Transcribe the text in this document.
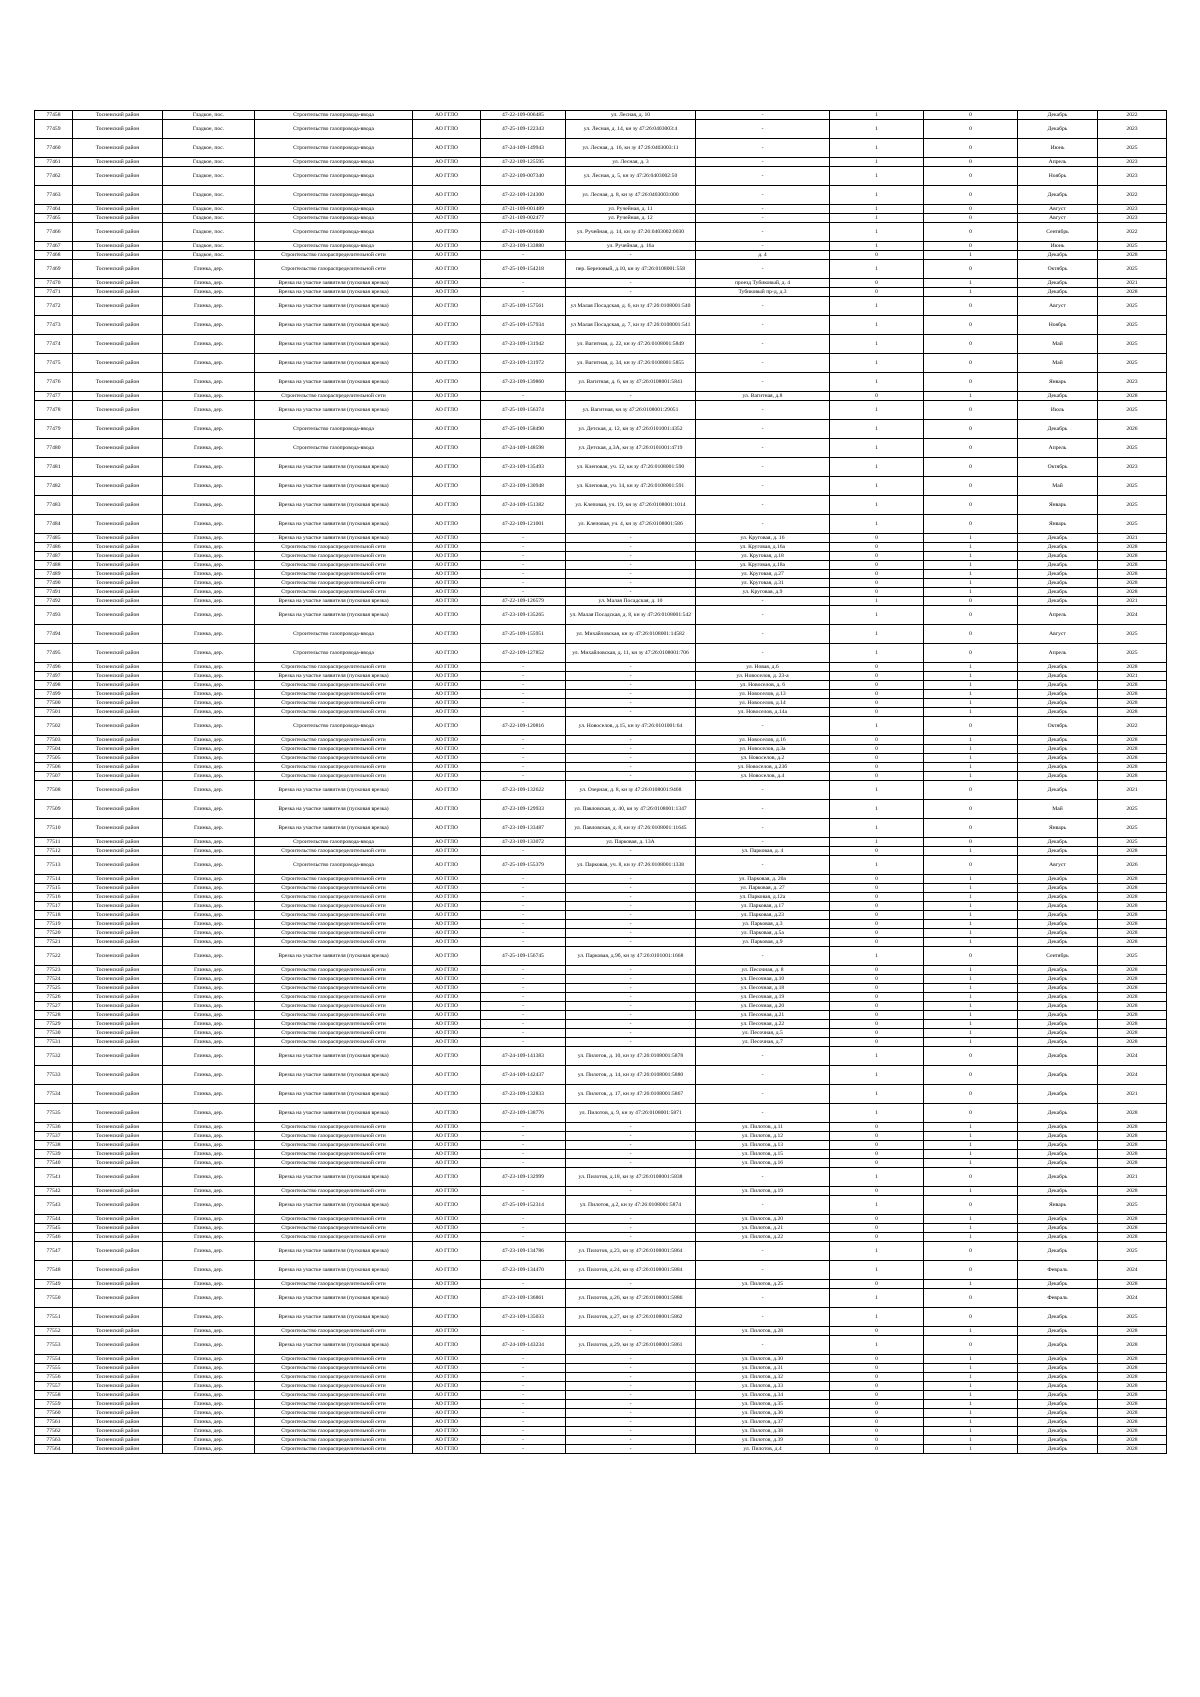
77458	Тосненский район	Гладкое, пос.	Строительство газопровода-ввода	АО ГГЛО	47-22-109-006485	ул. Лесная, д. 10	-	1	0	Декабрь	2022
77459	Тосненский район	Гладкое, пос.	Строительство газопровода-ввода	АО ГГЛО	47-25-109-122343	ул. Лесная, д. 14, кн зу 47:26:0403003:4	-	1	0	Декабрь	2023
77460	Тосненский район	Гладкое, пос.	Строительство газопровода-ввода	АО ГГЛО	47-24-109-149943	ул. Лесная, д. 16, кн зу 47:26:0403003:11	-	1	0	Июнь	2025
77461	Тосненский район	Гладкое, пос.	Строительство газопровода-ввода	АО ГГЛО	47-22-109-125595	ул. Лесная, д. 3	-	1	0	Апрель	2023
77462	Тосненский район	Гладкое, пос.	Строительство газопровода-ввода	АО ГГЛО	47-22-109-007340	ул. Лесная, д. 5, кн зу 47:26:0403002:50	-	1	0	Ноябрь	2023
77463	Тосненский район	Гладкое, пос.	Строительство газопровода-ввода	АО ГГЛО	47-22-109-124300	ул. Лесная, д. 8, кн зу 47:26:0403003:000	-	1	0	Декабрь	2022
77464	Тосненский район	Гладкое, пос.	Строительство газопровода-ввода	АО ГГЛО	47-21-109-001489	ул. Ручейная, д. 11	-	1	0	Август	2023
77465	Тосненский район	Гладкое, пос.	Строительство газопровода-ввода	АО ГГЛО	47-21-109-002477	ул. Ручейная, д. 12	-	1	0	Август	2023
77466	Тосненский район	Гладкое, пос.	Строительство газопровода-ввода	АО ГГЛО	47-21-109-001040	ул. Ручейная, д. 14, кн зу 47:26:0403002:0030	-	1	0	Сентябрь	2022
77467	Тосненский район	Гладкое, пос.	Строительство газопровода-ввода	АО ГГЛО	47-23-109-133880	ул. Ручейная, д. 16а	-	1	0	Июнь	2025
77468	Тосненский район	Гладкое, пос.	Строительство газораспределительной сети	АО ГГЛО	-	-	д. 4	0	1	Декабрь	2028
77469	Тосненский район	Глинка, дер.	Строительство газораспределительной сети	АО ГГЛО	47-25-109-154218	пер. Березовый, д.10, кн зу 47:26:0108001:558	-	1	0	Октябрь	2025
77470	Тосненский район	Глинка, дер.	Врезка на участке заявителя (пусковая врезка)	АО ГГЛО	-	-	проезд Тубиковый, д. 4	0	1	Декабрь	2021
77471	Тосненский район	Глинка, дер.	Врезка на участке заявителя (пусковая врезка)	АО ГГЛО	-	-	Тубиковый пр-д, д.3	0	1	Декабрь	2028
77472	Тосненский район	Глинка, дер.	Врезка на участке заявителя (пусковая врезка)	АО ГГЛО	47-25-109-157561	ул Малая Посадская, д. 6, кн зу 47:26:0108001:540	-	1	0	Август	2025
77473	Тосненский район	Глинка, дер.	Врезка на участке заявителя (пусковая врезка)	АО ГГЛО	47-25-109-157934	ул Малая Посадская, д. 7, кн зу 47:26:0108001:541	-	1	0	Ноябрь	2025
77474	Тосненский район	Глинка, дер.	Врезка на участке заявителя (пусковая врезка)	АО ГГЛО	47-23-109-131942	ул. Вагитная, д. 22, кн зу 47:26:0108001:5849	-	1	0	Май	2025
77475	Тосненский район	Глинка, дер.	Врезка на участке заявителя (пусковая врезка)	АО ГГЛО	47-23-109-131972	ул. Вагитная, д. 34, кн зу 47:26:0108001:5855	-	1	0	Май	2025
77476	Тосненский район	Глинка, дер.	Врезка на участке заявителя (пусковая врезка)	АО ГГЛО	47-23-109-139860	ул. Вагитная, д. 6, кн зу 47:26:0108001:5841	-	1	0	Январь	2023
77477	Тосненский район	Глинка, дер.	Строительство газораспределительной сети	АО ГГЛО	-	-	ул. Вагитная, д.8	0	1	Декабрь	2028
77478	Тосненский район	Глинка, дер.	Врезка на участке заявителя (пусковая врезка)	АО ГГЛО	47-25-109-156374	ул. Вагитная, кн зу 47:26:0108001:29051	-	1	0	Июль	2025
77479	Тосненский район	Глинка, дер.	Строительство газопровода-ввода	АО ГГЛО	47-25-109-158490	ул. Детская, д. 12, кн зу 47:26:0101001:4352	-	1	0	Декабрь	2026
77480	Тосненский район	Глинка, дер.	Строительство газопровода-ввода	АО ГГЛО	47-24-109-148598	ул. Детская, д.3А, кн зу 47:26:0101001:4719	-	1	0	Апрель	2025
77481	Тосненский район	Глинка, дер.	Врезка на участке заявителя (пусковая врезка)	АО ГГЛО	47-23-109-135493	ул. Клеповая, уч. 12, кн зу 47:26:0108001:590	-	1	0	Октябрь	2023
77482	Тосненский район	Глинка, дер.	Врезка на участке заявителя (пусковая врезка)	АО ГГЛО	47-23-109-130948	ул. Клеповая, уч. 14, кн зу 47:26:0108001:591	-	1	0	Май	2025
77483	Тосненский район	Глинка, дер.	Врезка на участке заявителя (пусковая врезка)	АО ГГЛО	47-24-109-151382	ул. Клеповая, уч. 19, кн зу 47:26:0108001:1014	-	1	0	Январь	2025
77484	Тосненский район	Глинка, дер.	Врезка на участке заявителя (пусковая врезка)	АО ГГЛО	47-22-109-121001	ул. Клеповая, уч. 4, кн зу 47:26:0108001:586	-	1	0	Январь	2025
77485	Тосненский район	Глинка, дер.	Врезка на участке заявителя (пусковая врезка)	АО ГГЛО	-	-	ул. Круговая, д. 16	0	1	Декабрь	2021
77486	Тосненский район	Глинка, дер.	Строительство газораспределительной сети	АО ГГЛО	-	-	ул. Круговая, д.16а	0	1	Декабрь	2028
77487	Тосненский район	Глинка, дер.	Строительство газораспределительной сети	АО ГГЛО	-	-	ул. Круговая, д.18	0	1	Декабрь	2028
77488	Тосненский район	Глинка, дер.	Строительство газораспределительной сети	АО ГГЛО	-	-	ул. Круговая, д.18а	0	1	Декабрь	2028
77489	Тосненский район	Глинка, дер.	Строительство газораспределительной сети	АО ГГЛО	-	-	ул. Круговая, д.27	0	1	Декабрь	2028
77490	Тосненский район	Глинка, дер.	Строительство газораспределительной сети	АО ГГЛО	-	-	ул. Круговая, д.31	0	1	Декабрь	2028
77491	Тосненский район	Глинка, дер.	Строительство газораспределительной сети	АО ГГЛО	-	-	ул. Круговая, д.9	0	1	Декабрь	2028
77492	Тосненский район	Глинка, дер.	Врезка на участке заявителя (пусковая врезка)	АО ГГЛО	47-22-109-126579	ул. Малая Посадская, д. 10	-	1	0	Декабрь	2021
77493	Тосненский район	Глинка, дер.	Врезка на участке заявителя (пусковая врезка)	АО ГГЛО	47-23-109-135265	ул. Малая Посадская, д. 8, кн зу 47:26:0108001:542	-	1	0	Апрель	2024
77494	Тосненский район	Глинка, дер.	Строительство газопровода-ввода	АО ГГЛО	47-25-109-155951	ул. Михайловская, кн зу 47:26:0108001:14582	-	1	0	Август	2025
77495	Тосненский район	Глинка, дер.	Строительство газопровода-ввода	АО ГГЛО	47-22-109-127852	ул. Михайловская, д. 11, кн зу 47:26:0108001:706	-	1	0	Апрель	2025
77496	Тосненский район	Глинка, дер.	Строительство газораспределительной сети	АО ГГЛО	-	-	ул. Новая, д.6	0	1	Декабрь	2028
77497	Тосненский район	Глинка, дер.	Врезка на участке заявителя (пусковая врезка)	АО ГГЛО	-	-	ул. Новоселов, д. 23-а	0	1	Декабрь	2021
77498	Тосненский район	Глинка, дер.	Строительство газораспределительной сети	АО ГГЛО	-	-	ул. Новоселов, д. 6	0	1	Декабрь	2028
77499	Тосненский район	Глинка, дер.	Строительство газораспределительной сети	АО ГГЛО	-	-	ул. Новоселов, д.13	0	1	Декабрь	2028
77500	Тосненский район	Глинка, дер.	Строительство газораспределительной сети	АО ГГЛО	-	-	ул. Новоселов, д.14	0	1	Декабрь	2028
77501	Тосненский район	Глинка, дер.	Строительство газораспределительной сети	АО ГГЛО	-	-	ул. Новоселов, д.14а	0	1	Декабрь	2028
77502	Тосненский район	Глинка, дер.	Строительство газопровода-ввода	АО ГГЛО	47-22-109-120816	ул. Новоселов, д.15, кн зу 47:26:0101001:64	-	1	0	Октябрь	2022
77503	Тосненский район	Глинка, дер.	Строительство газораспределительной сети	АО ГГЛО	-	-	ул. Новоселов, д.16	0	1	Декабрь	2028
77504	Тосненский район	Глинка, дер.	Строительство газораспределительной сети	АО ГГЛО	-	-	ул. Новоселов, д.3а	0	1	Декабрь	2028
77505	Тосненский район	Глинка, дер.	Строительство газораспределительной сети	АО ГГЛО	-	-	ул. Новоселов, д.2	0	1	Декабрь	2028
77506	Тосненский район	Глинка, дер.	Строительство газораспределительной сети	АО ГГЛО	-	-	ул. Новоселов, д.23б	0	1	Декабрь	2028
77507	Тосненский район	Глинка, дер.	Строительство газораспределительной сети	АО ГГЛО	-	-	ул. Новоселов, д.4	0	1	Декабрь	2028
77508	Тосненский район	Глинка, дер.	Врезка на участке заявителя (пусковая врезка)	АО ГГЛО	47-23-109-132622	ул. Озерная, д. 8, кн зу 47:26:0108001:9468	-	1	0	Декабрь	2021
77509	Тосненский район	Глинка, дер.	Врезка на участке заявителя (пусковая врезка)	АО ГГЛО	47-23-109-129933	ул. Павловская, д. 40, кн зу 47:26:0108001:1347	-	1	0	Май	2025
77510	Тосненский район	Глинка, дер.	Врезка на участке заявителя (пусковая врезка)	АО ГГЛО	47-23-109-133487	ул. Павловская, д. 8, кн зу 47:26:0108001:11645	-	1	0	Январь	2025
77511	Тосненский район	Глинка, дер.	Строительство газопровода-ввода	АО ГГЛО	47-23-109-133072	ул. Парковая, д. 13А	-	1	0	Декабрь	2025
77512	Тосненский район	Глинка, дер.	Строительство газораспределительной сети	АО ГГЛО	-	-	ул. Парковая, д. 4	0	1	Декабрь	2028
77513	Тосненский район	Глинка, дер.	Строительство газопровода-ввода	АО ГГЛО	47-25-109-155379	ул. Парковая, уч. 8, кн зу 47:26:0108001:1338	-	1	0	Август	2026
77514	Тосненский район	Глинка, дер.	Строительство газораспределительной сети	АО ГГЛО	-	-	ул. Парковая, д. 20а	0	1	Декабрь	2028
77515	Тосненский район	Глинка, дер.	Строительство газораспределительной сети	АО ГГЛО	-	-	ул. Парковая, д. 27	0	1	Декабрь	2028
77516	Тосненский район	Глинка, дер.	Строительство газораспределительной сети	АО ГГЛО	-	-	ул. Парковая, д.12а	0	1	Декабрь	2028
77517	Тосненский район	Глинка, дер.	Строительство газораспределительной сети	АО ГГЛО	-	-	ул. Парковая, д.17	0	1	Декабрь	2028
77518	Тосненский район	Глинка, дер.	Строительство газораспределительной сети	АО ГГЛО	-	-	ул. Парковая, д.23	0	1	Декабрь	2028
77519	Тосненский район	Глинка, дер.	Строительство газораспределительной сети	АО ГГЛО	-	-	ул. Парковая, д.3	0	1	Декабрь	2028
77520	Тосненский район	Глинка, дер.	Строительство газораспределительной сети	АО ГГЛО	-	-	ул. Парковая, д.5а	0	1	Декабрь	2028
77521	Тосненский район	Глинка, дер.	Строительство газораспределительной сети	АО ГГЛО	-	-	ул. Парковая, д.9	0	1	Декабрь	2028
77522	Тосненский район	Глинка, дер.	Врезка на участке заявителя (пусковая врезка)	АО ГГЛО	47-25-109-156745	ул. Парковая, д.9б, кн зу 47:26:0101001:1668	-	1	0	Сентябрь	2025
77523	Тосненский район	Глинка, дер.	Строительство газораспределительной сети	АО ГГЛО	-	-	ул. Песочная, д. 8	0	1	Декабрь	2028
77524	Тосненский район	Глинка, дер.	Строительство газораспределительной сети	АО ГГЛО	-	-	ул. Песочная, д.10	0	1	Декабрь	2028
77525	Тосненский район	Глинка, дер.	Строительство газораспределительной сети	АО ГГЛО	-	-	ул. Песочная, д.18	0	1	Декабрь	2028
77526	Тосненский район	Глинка, дер.	Строительство газораспределительной сети	АО ГГЛО	-	-	ул. Песочная, д.19	0	1	Декабрь	2028
77527	Тосненский район	Глинка, дер.	Строительство газораспределительной сети	АО ГГЛО	-	-	ул. Песочная, д.20	0	1	Декабрь	2028
77528	Тосненский район	Глинка, дер.	Строительство газораспределительной сети	АО ГГЛО	-	-	ул. Песочная, д.21	0	1	Декабрь	2028
77529	Тосненский район	Глинка, дер.	Строительство газораспределительной сети	АО ГГЛО	-	-	ул. Песочная, д.22	0	1	Декабрь	2028
77530	Тосненский район	Глинка, дер.	Строительство газораспределительной сети	АО ГГЛО	-	-	ул. Песочная, д.5	0	1	Декабрь	2028
77531	Тосненский район	Глинка, дер.	Строительство газораспределительной сети	АО ГГЛО	-	-	ул. Песочная, д.7	0	1	Декабрь	2028
77532	Тосненский район	Глинка, дер.	Врезка на участке заявителя (пусковая врезка)	АО ГГЛО	47-24-109-141383	ул. Пилотов, д. 10, кн зу 47:26:0108001:5878	-	1	0	Декабрь	2024
77533	Тосненский район	Глинка, дер.	Врезка на участке заявителя (пусковая врезка)	АО ГГЛО	47-24-109-142437	ул. Пилотов, д. 14, кн зу 47:26:0108001:5880	-	1	0	Декабрь	2024
77534	Тосненский район	Глинка, дер.	Врезка на участке заявителя (пусковая врезка)	АО ГГЛО	47-23-109-132833	ул. Пилотов, д. 17, кн зу 47:26:0108001:5867	-	1	0	Декабрь	2021
77535	Тосненский район	Глинка, дер.	Врезка на участке заявителя (пусковая врезка)	АО ГГЛО	47-23-109-138776	ул. Пилотов, д. 9, кн зу 47:26:0108001:5871	-	1	0	Декабрь	2028
77536	Тосненский район	Глинка, дер.	Строительство газораспределительной сети	АО ГГЛО	-	-	ул. Пилотов, д.11	0	1	Декабрь	2028
77537	Тосненский район	Глинка, дер.	Строительство газораспределительной сети	АО ГГЛО	-	-	ул. Пилотов, д.12	0	1	Декабрь	2028
77538	Тосненский район	Глинка, дер.	Строительство газораспределительной сети	АО ГГЛО	-	-	ул. Пилотов, д.13	0	1	Декабрь	2028
77539	Тосненский район	Глинка, дер.	Строительство газораспределительной сети	АО ГГЛО	-	-	ул. Пилотов, д.15	0	1	Декабрь	2028
77540	Тосненский район	Глинка, дер.	Строительство газораспределительной сети	АО ГГЛО	-	-	ул. Пилотов, д.16	0	1	Декабрь	2028
77541	Тосненский район	Глинка, дер.	Врезка на участке заявителя (пусковая врезка)	АО ГГЛО	47-23-109-132999	ул. Пилотов, д.18, кн зу 47:26:0108001:5838	-	1	0	Декабрь	2021
77542	Тосненский район	Глинка, дер.	Строительство газораспределительной сети	АО ГГЛО	-	-	ул. Пилотов, д.19	0	1	Декабрь	2028
77543	Тосненский район	Глинка, дер.	Врезка на участке заявителя (пусковая врезка)	АО ГГЛО	47-25-109-152314	ул. Пилотов, д.2, кн зу 47:26:0108001:5874	-	1	0	Январь	2025
77544	Тосненский район	Глинка, дер.	Строительство газораспределительной сети	АО ГГЛО	-	-	ул. Пилотов, д.20	0	1	Декабрь	2028
77545	Тосненский район	Глинка, дер.	Строительство газораспределительной сети	АО ГГЛО	-	-	ул. Пилотов, д.21	0	1	Декабрь	2028
77546	Тосненский район	Глинка, дер.	Строительство газораспределительной сети	АО ГГЛО	-	-	ул. Пилотов, д.22	0	1	Декабрь	2028
77547	Тосненский район	Глинка, дер.	Врезка на участке заявителя (пусковая врезка)	АО ГГЛО	47-23-109-134786	ул. Пилотов, д.23, кн зу 47:26:0108001:5864	-	1	0	Декабрь	2025
77548	Тосненский район	Глинка, дер.	Врезка на участке заявителя (пусковая врезка)	АО ГГЛО	47-23-109-134470	ул. Пилотов, д.24, кн зу 47:26:0108001:5884	-	1	0	Февраль	2024
77549	Тосненский район	Глинка, дер.	Строительство газораспределительной сети	АО ГГЛО	-	-	ул. Пилотов, д.25	0	1	Декабрь	2028
77550	Тосненский район	Глинка, дер.	Врезка на участке заявителя (пусковая врезка)	АО ГГЛО	47-23-109-136861	ул. Пилотов, д.26, кн зу 47:26:0108001:5886	-	1	0	Февраль	2024
77551	Тосненский район	Глинка, дер.	Врезка на участке заявителя (пусковая врезка)	АО ГГЛО	47-23-109-135033	ул. Пилотов, д.27, кн зу 47:26:0108001:5862	-	1	0	Декабрь	2025
77552	Тосненский район	Глинка, дер.	Строительство газораспределительной сети	АО ГГЛО	-	-	ул. Пилотов, д.28	0	1	Декабрь	2028
77553	Тосненский район	Глинка, дер.	Врезка на участке заявителя (пусковая врезка)	АО ГГЛО	47-24-109-143234	ул. Пилотов, д.29, кн зу 47:26:0108001:5861	-	1	0	Декабрь	2028
77554	Тосненский район	Глинка, дер.	Строительство газораспределительной сети	АО ГГЛО	-	-	ул. Пилотов, д.30	0	1	Декабрь	2028
77555	Тосненский район	Глинка, дер.	Строительство газораспределительной сети	АО ГГЛО	-	-	ул. Пилотов, д.31	0	1	Декабрь	2028
77556	Тосненский район	Глинка, дер.	Строительство газораспределительной сети	АО ГГЛО	-	-	ул. Пилотов, д.32	0	1	Декабрь	2028
77557	Тосненский район	Глинка, дер.	Строительство газораспределительной сети	АО ГГЛО	-	-	ул. Пилотов, д.33	0	1	Декабрь	2028
77558	Тосненский район	Глинка, дер.	Строительство газораспределительной сети	АО ГГЛО	-	-	ул. Пилотов, д.34	0	1	Декабрь	2028
77559	Тосненский район	Глинка, дер.	Строительство газораспределительной сети	АО ГГЛО	-	-	ул. Пилотов, д.35	0	1	Декабрь	2028
77560	Тосненский район	Глинка, дер.	Строительство газораспределительной сети	АО ГГЛО	-	-	ул. Пилотов, д.36	0	1	Декабрь	2028
77561	Тосненский район	Глинка, дер.	Строительство газораспределительной сети	АО ГГЛО	-	-	ул. Пилотов, д.37	0	1	Декабрь	2028
77562	Тосненский район	Глинка, дер.	Строительство газораспределительной сети	АО ГГЛО	-	-	ул. Пилотов, д.38	0	1	Декабрь	2028
77563	Тосненский район	Глинка, дер.	Строительство газораспределительной сети	АО ГГЛО	-	-	ул. Пилотов, д.39	0	1	Декабрь	2028
77564	Тосненский район	Глинка, дер.	Строительство газораспределительной сети	АО ГГЛО	-	-	ул. Пилотов, д.4	0	1	Декабрь	2028
